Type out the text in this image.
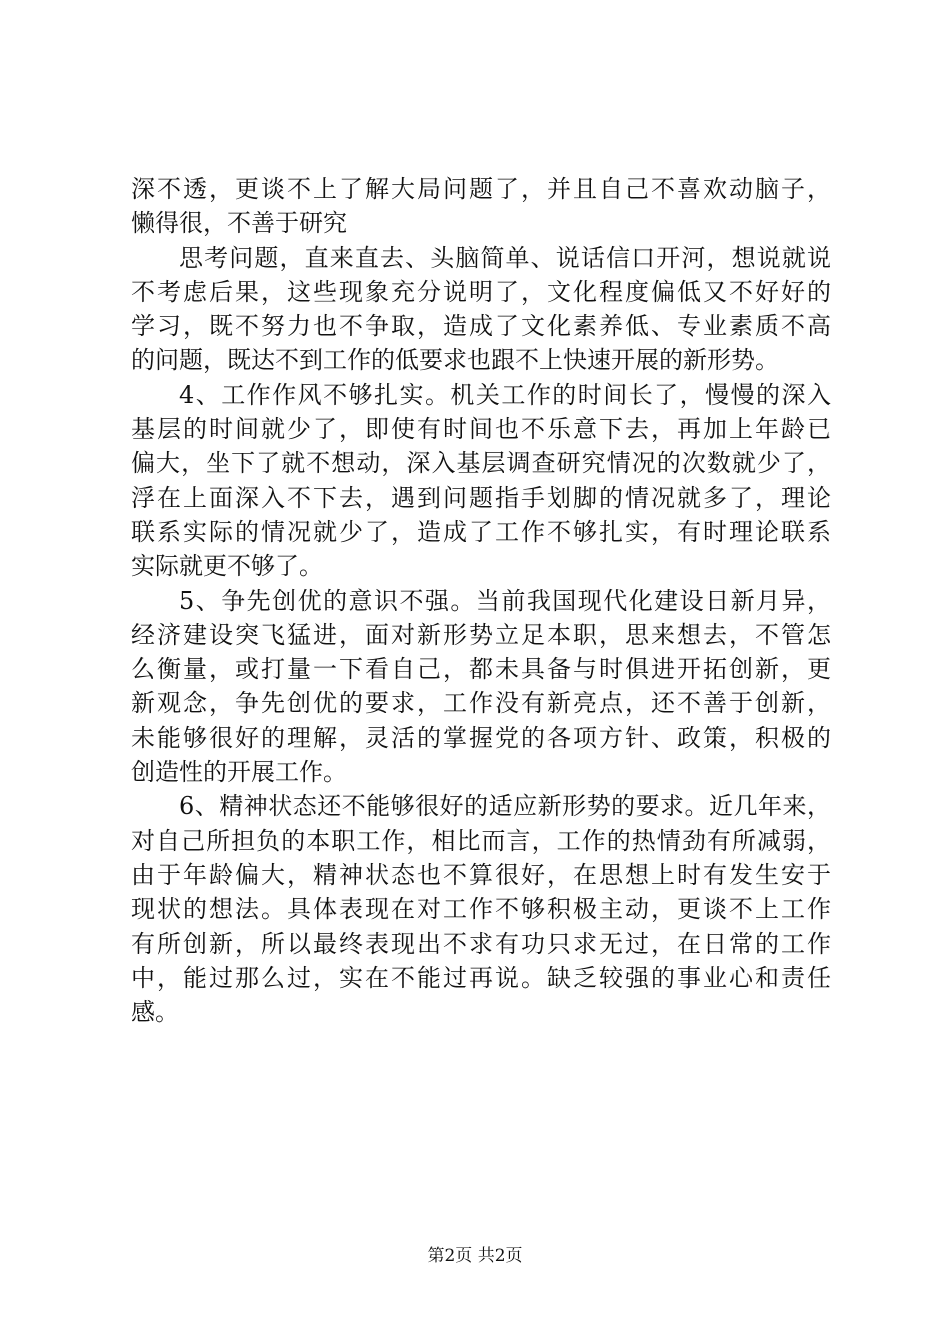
深不透，更谈不上了解大局问题了，并且自己不喜欢动脑子，
懒得很，不善于研究
思考问题，直来直去、头脑简单、说话信口开河，想说就说
不考虑后果，这些现象充分说明了，文化程度偏低又不好好的
学习，既不努力也不争取，造成了文化素养低、专业素质不高
的问题，既达不到工作的低要求也跟不上快速开展的新形势。
4、工作作风不够扎实。机关工作的时间长了，慢慢的深入
基层的时间就少了，即使有时间也不乐意下去，再加上年龄已
偏大，坐下了就不想动，深入基层调查研究情况的次数就少了，
浮在上面深入不下去，遇到问题指手划脚的情况就多了，理论
联系实际的情况就少了，造成了工作不够扎实，有时理论联系
实际就更不够了。
5、争先创优的意识不强。当前我国现代化建设日新月异，
经济建设突飞猛进，面对新形势立足本职，思来想去，不管怎
么衡量，或打量一下看自己，都未具备与时俱进开拓创新，更
新观念，争先创优的要求，工作没有新亮点，还不善于创新，
未能够很好的理解，灵活的掌握党的各项方针、政策，积极的
创造性的开展工作。
6、精神状态还不能够很好的适应新形势的要求。近几年来，
对自己所担负的本职工作，相比而言，工作的热情劲有所减弱，
由于年龄偏大，精神状态也不算很好，在思想上时有发生安于
现状的想法。具体表现在对工作不够积极主动，更谈不上工作
有所创新，所以最终表现出不求有功只求无过，在日常的工作
中，能过那么过，实在不能过再说。缺乏较强的事业心和责任
感。
第2页 共2页
